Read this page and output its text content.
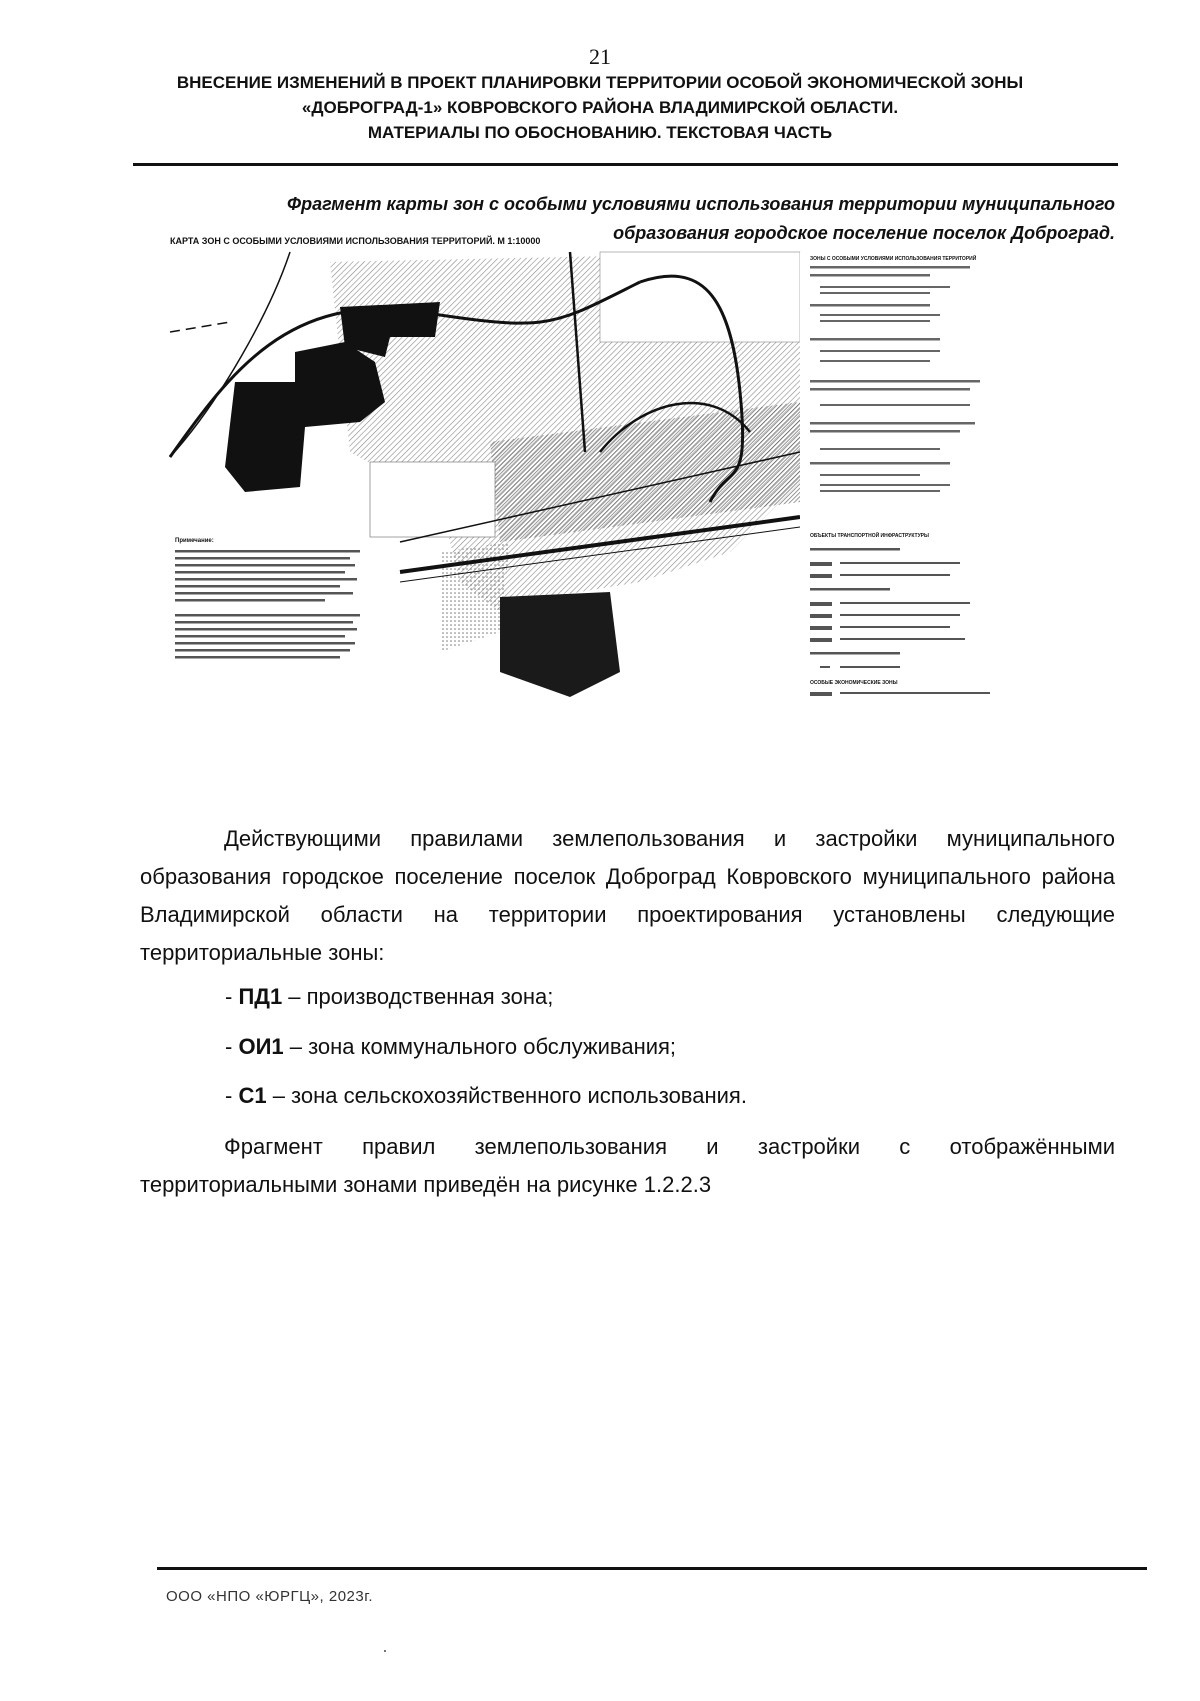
21
ВНЕСЕНИЕ ИЗМЕНЕНИЙ В ПРОЕКТ ПЛАНИРОВКИ ТЕРРИТОРИИ ОСОБОЙ ЭКОНОМИЧЕСКОЙ ЗОНЫ
«ДОБРОГРАД-1» КОВРОВСКОГО РАЙОНА ВЛАДИМИРСКОЙ ОБЛАСТИ.
МАТЕРИАЛЫ ПО ОБОСНОВАНИЮ. ТЕКСТОВАЯ ЧАСТЬ
Фрагмент карты зон с особыми условиями использования территории муниципального
образования городское поселение поселок Доброград.
КАРТА ЗОН С ОСОБЫМИ УСЛОВИЯМИ ИСПОЛЬЗОВАНИЯ ТЕРРИТОРИЙ. М 1:10000
Примечание:
ЗОНЫ С ОСОБЫМИ УСЛОВИЯМИ ИСПОЛЬЗОВАНИЯ ТЕРРИТОРИЙ
ОБЪЕКТЫ ТРАНСПОРТНОЙ ИНФРАСТРУКТУРЫ
ОСОБЫЕ ЭКОНОМИЧЕСКИЕ ЗОНЫ
Действующими правилами землепользования и застройки муниципального образования городское поселение поселок Доброград Ковровского муниципального района Владимирской области на территории проектирования установлены следующие территориальные зоны:
- ПД1 – производственная зона;
- ОИ1 – зона коммунального обслуживания;
- С1 – зона сельскохозяйственного использования.
Фрагмент правил землепользования и застройки с отображёнными территориальными зонами приведён на рисунке 1.2.2.3
ООО «НПО «ЮРГЦ», 2023г.
